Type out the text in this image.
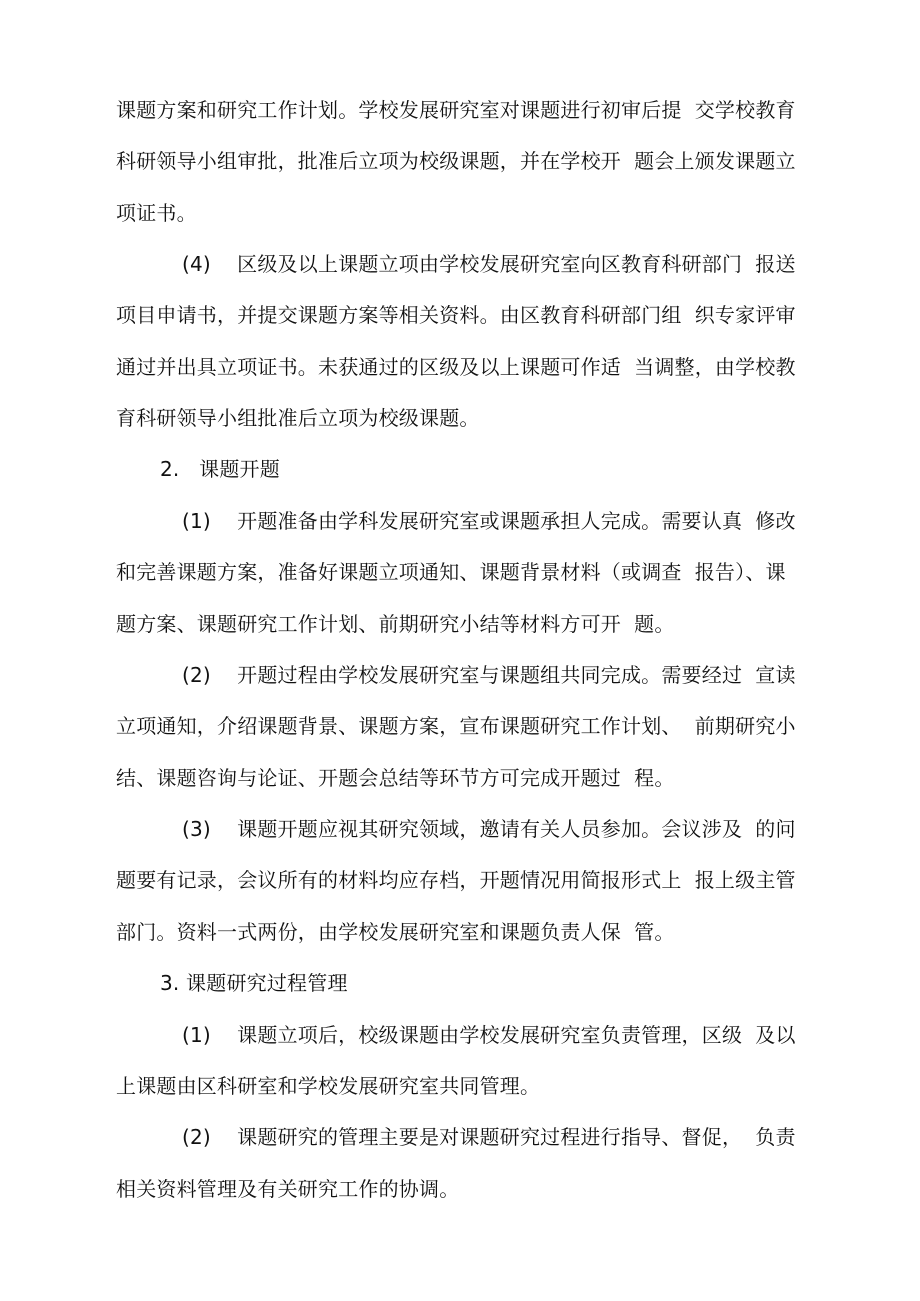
课题方案和研究工作计划。学校发展研究室对课题进行初审后提  交学校教育
科研领导小组审批，批准后立项为校级课题，并在学校开  题会上颁发课题立
项证书。
(4)    区级及以上课题立项由学校发展研究室向区教育科研部门  报送
项目申请书，并提交课题方案等相关资料。由区教育科研部门组  织专家评审
通过并出具立项证书。未获通过的区级及以上课题可作适  当调整，由学校教
育科研领导小组批准后立项为校级课题。
2.   课题开题
(1)    开题准备由学科发展研究室或课题承担人完成。需要认真  修改
和完善课题方案，准备好课题立项通知、课题背景材料（或调查  报告）、课
题方案、课题研究工作计划、前期研究小结等材料方可开  题。
(2)    开题过程由学校发展研究室与课题组共同完成。需要经过  宣读
立项通知，介绍课题背景、课题方案，宣布课题研究工作计划、  前期研究小
结、课题咨询与论证、开题会总结等环节方可完成开题过  程。
(3)    课题开题应视其研究领域，邀请有关人员参加。会议涉及  的问
题要有记录，会议所有的材料均应存档，开题情况用简报形式上  报上级主管
部门。资料一式两份，由学校发展研究室和课题负责人保  管。
3. 课题研究过程管理
(1)    课题立项后，校级课题由学校发展研究室负责管理，区级  及以
上课题由区科研室和学校发展研究室共同管理。
(2)    课题研究的管理主要是对课题研究过程进行指导、督促，  负责
相关资料管理及有关研究工作的协调。
